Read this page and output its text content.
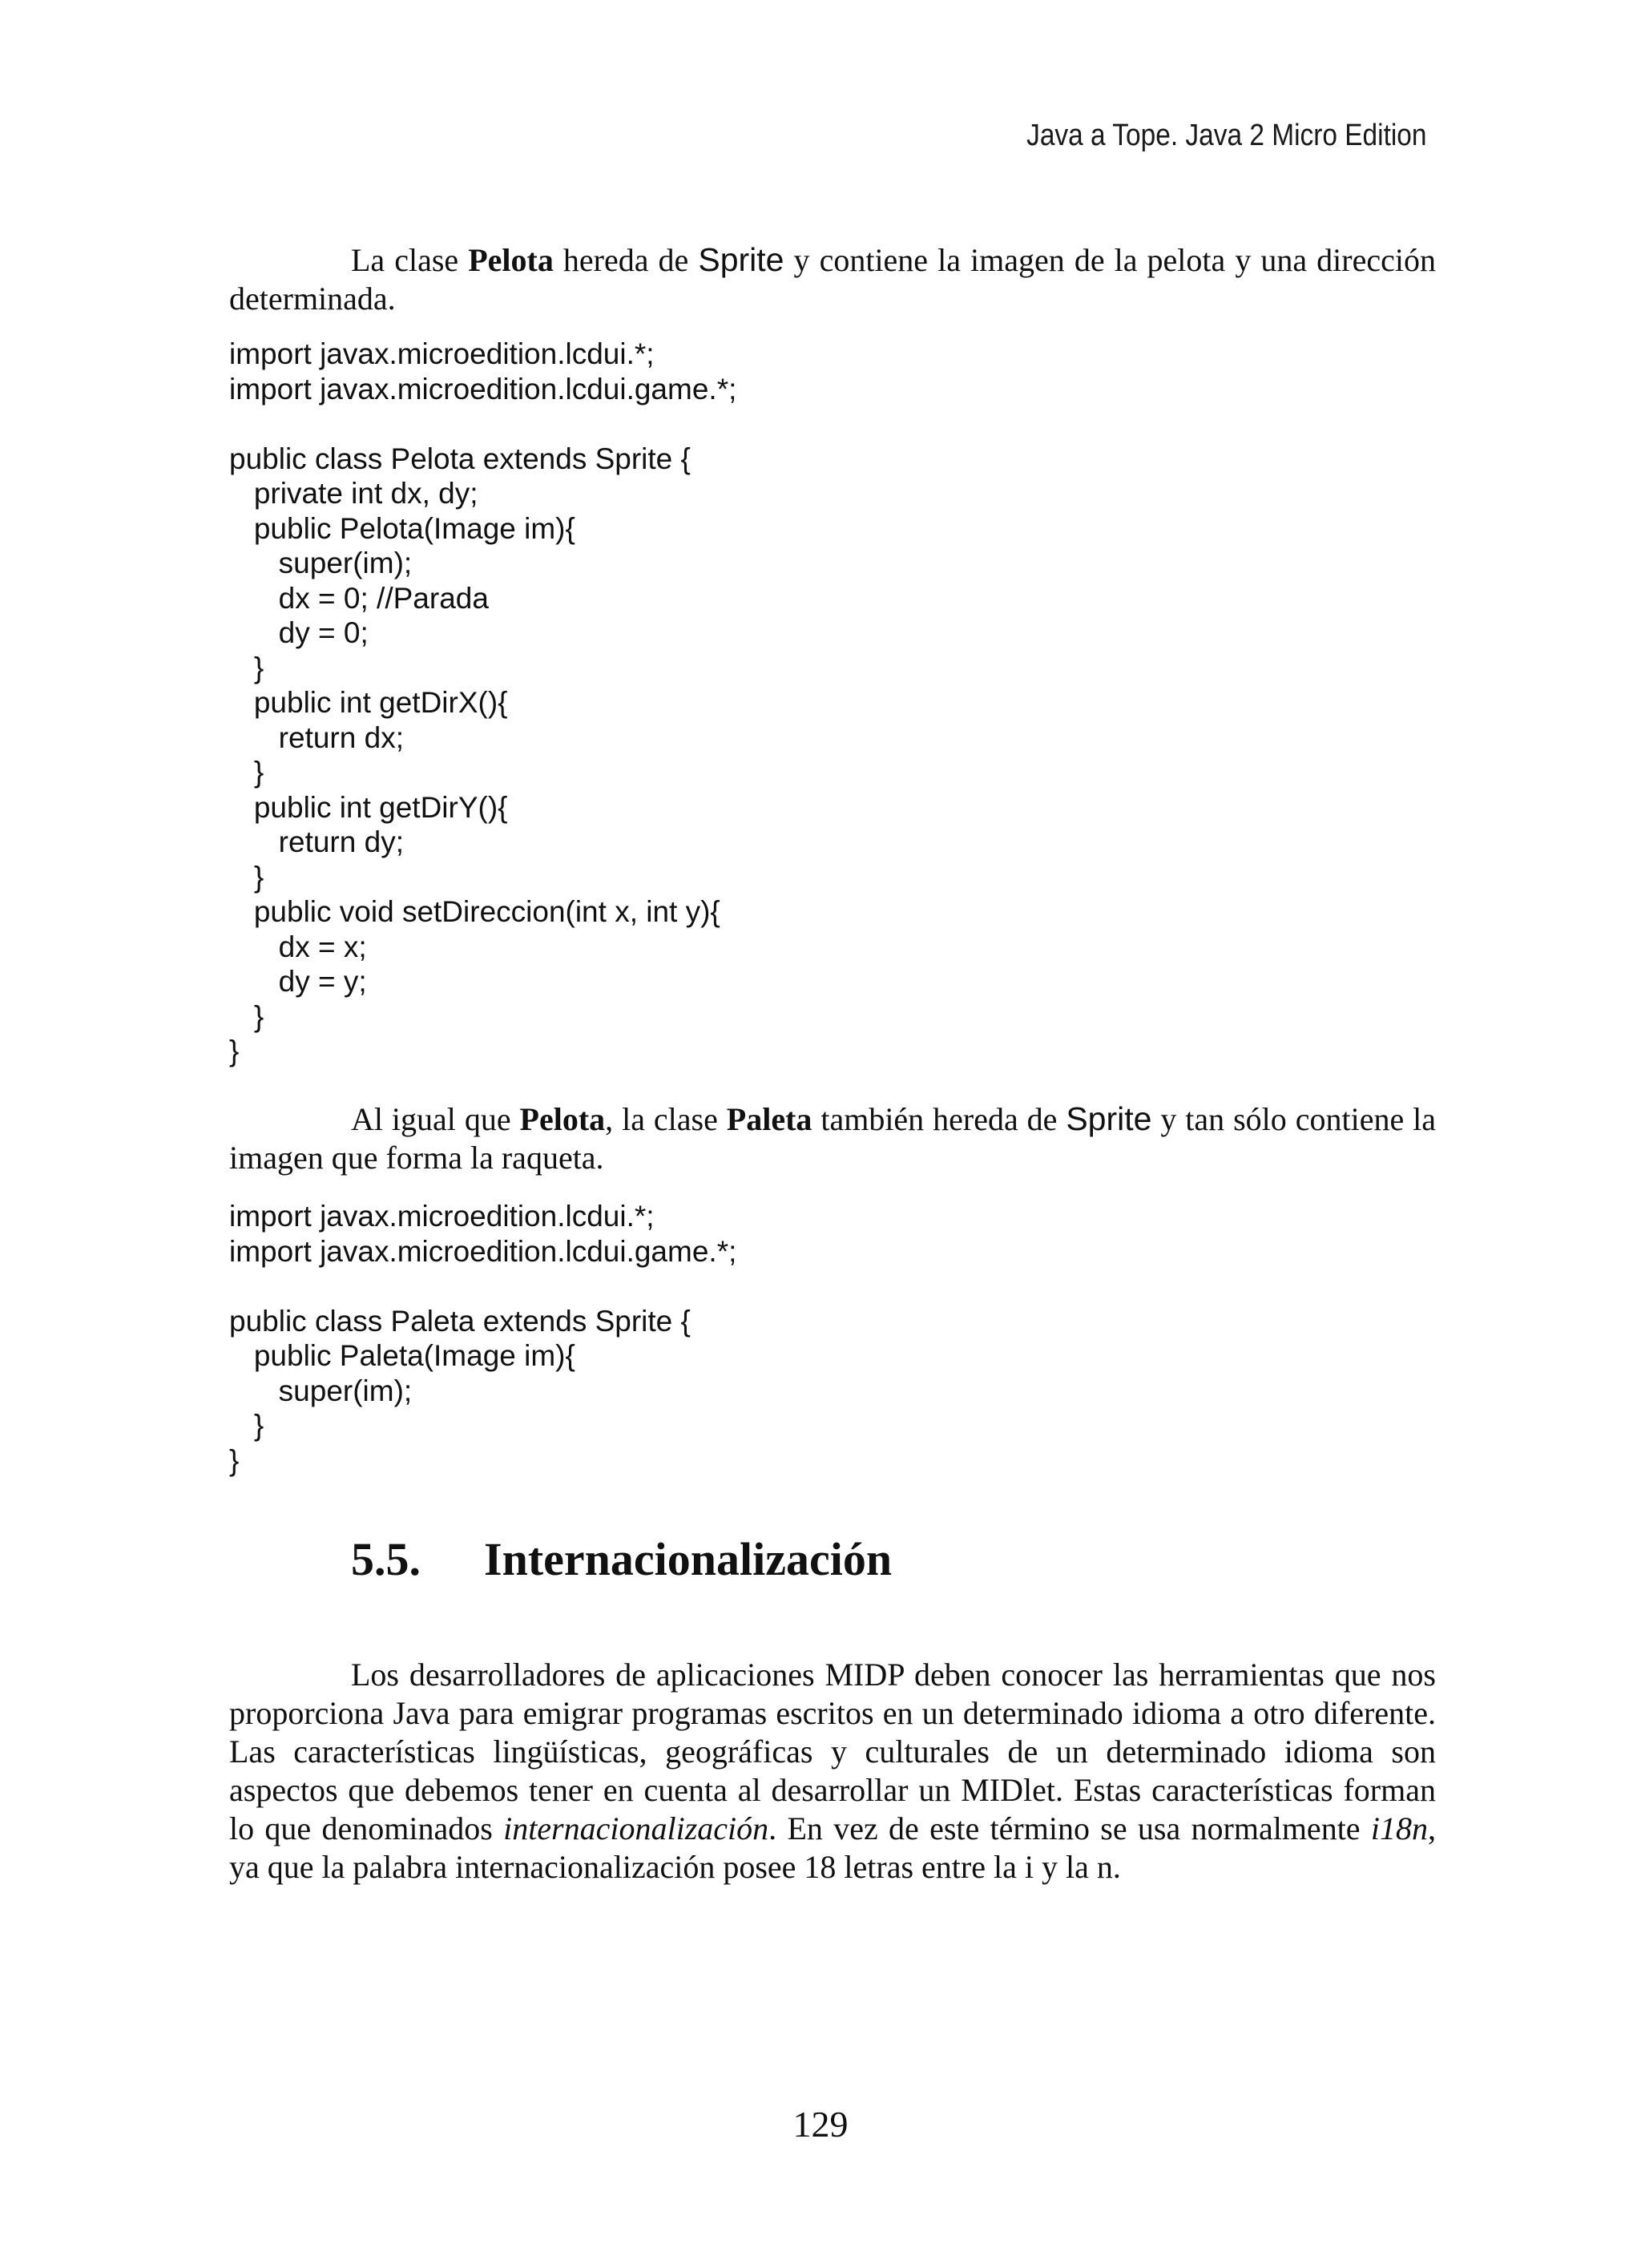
Java a Tope. Java 2 Micro Edition

La clase Pelota hereda de Sprite y contiene la imagen de la pelota y una dirección determinada.

import javax.microedition.lcdui.*;
import javax.microedition.lcdui.game.*;
public class Pelota extends Sprite {
private int dx, dy;
public Pelota(Image im){
super(im);
dx = 0; //Parada
dy = 0;
}
public int getDirX(){
return dx;
}
public int getDirY(){
return dy;
}
public void setDireccion(int x, int y){
dx = x;
dy = y;
}
}

Al igual que Pelota, la clase Paleta también hereda de Sprite y tan sólo contiene la imagen que forma la raqueta.

import javax.microedition.lcdui.*;
import javax.microedition.lcdui.game.*;
public class Paleta extends Sprite {
public Paleta(Image im){
super(im);
}
}
5.5. Internacionalización

Los desarrolladores de aplicaciones MIDP deben conocer las herramientas que nos proporciona Java para emigrar programas escritos en un determinado idioma a otro diferente. Las características lingüísticas, geográficas y culturales de un determinado idioma son aspectos que debemos tener en cuenta al desarrollar un MIDlet. Estas características forman lo que denominados internacionalización. En vez de este término se usa normalmente i18n, ya que la palabra internacionalización posee 18 letras entre la i y la n.

129
